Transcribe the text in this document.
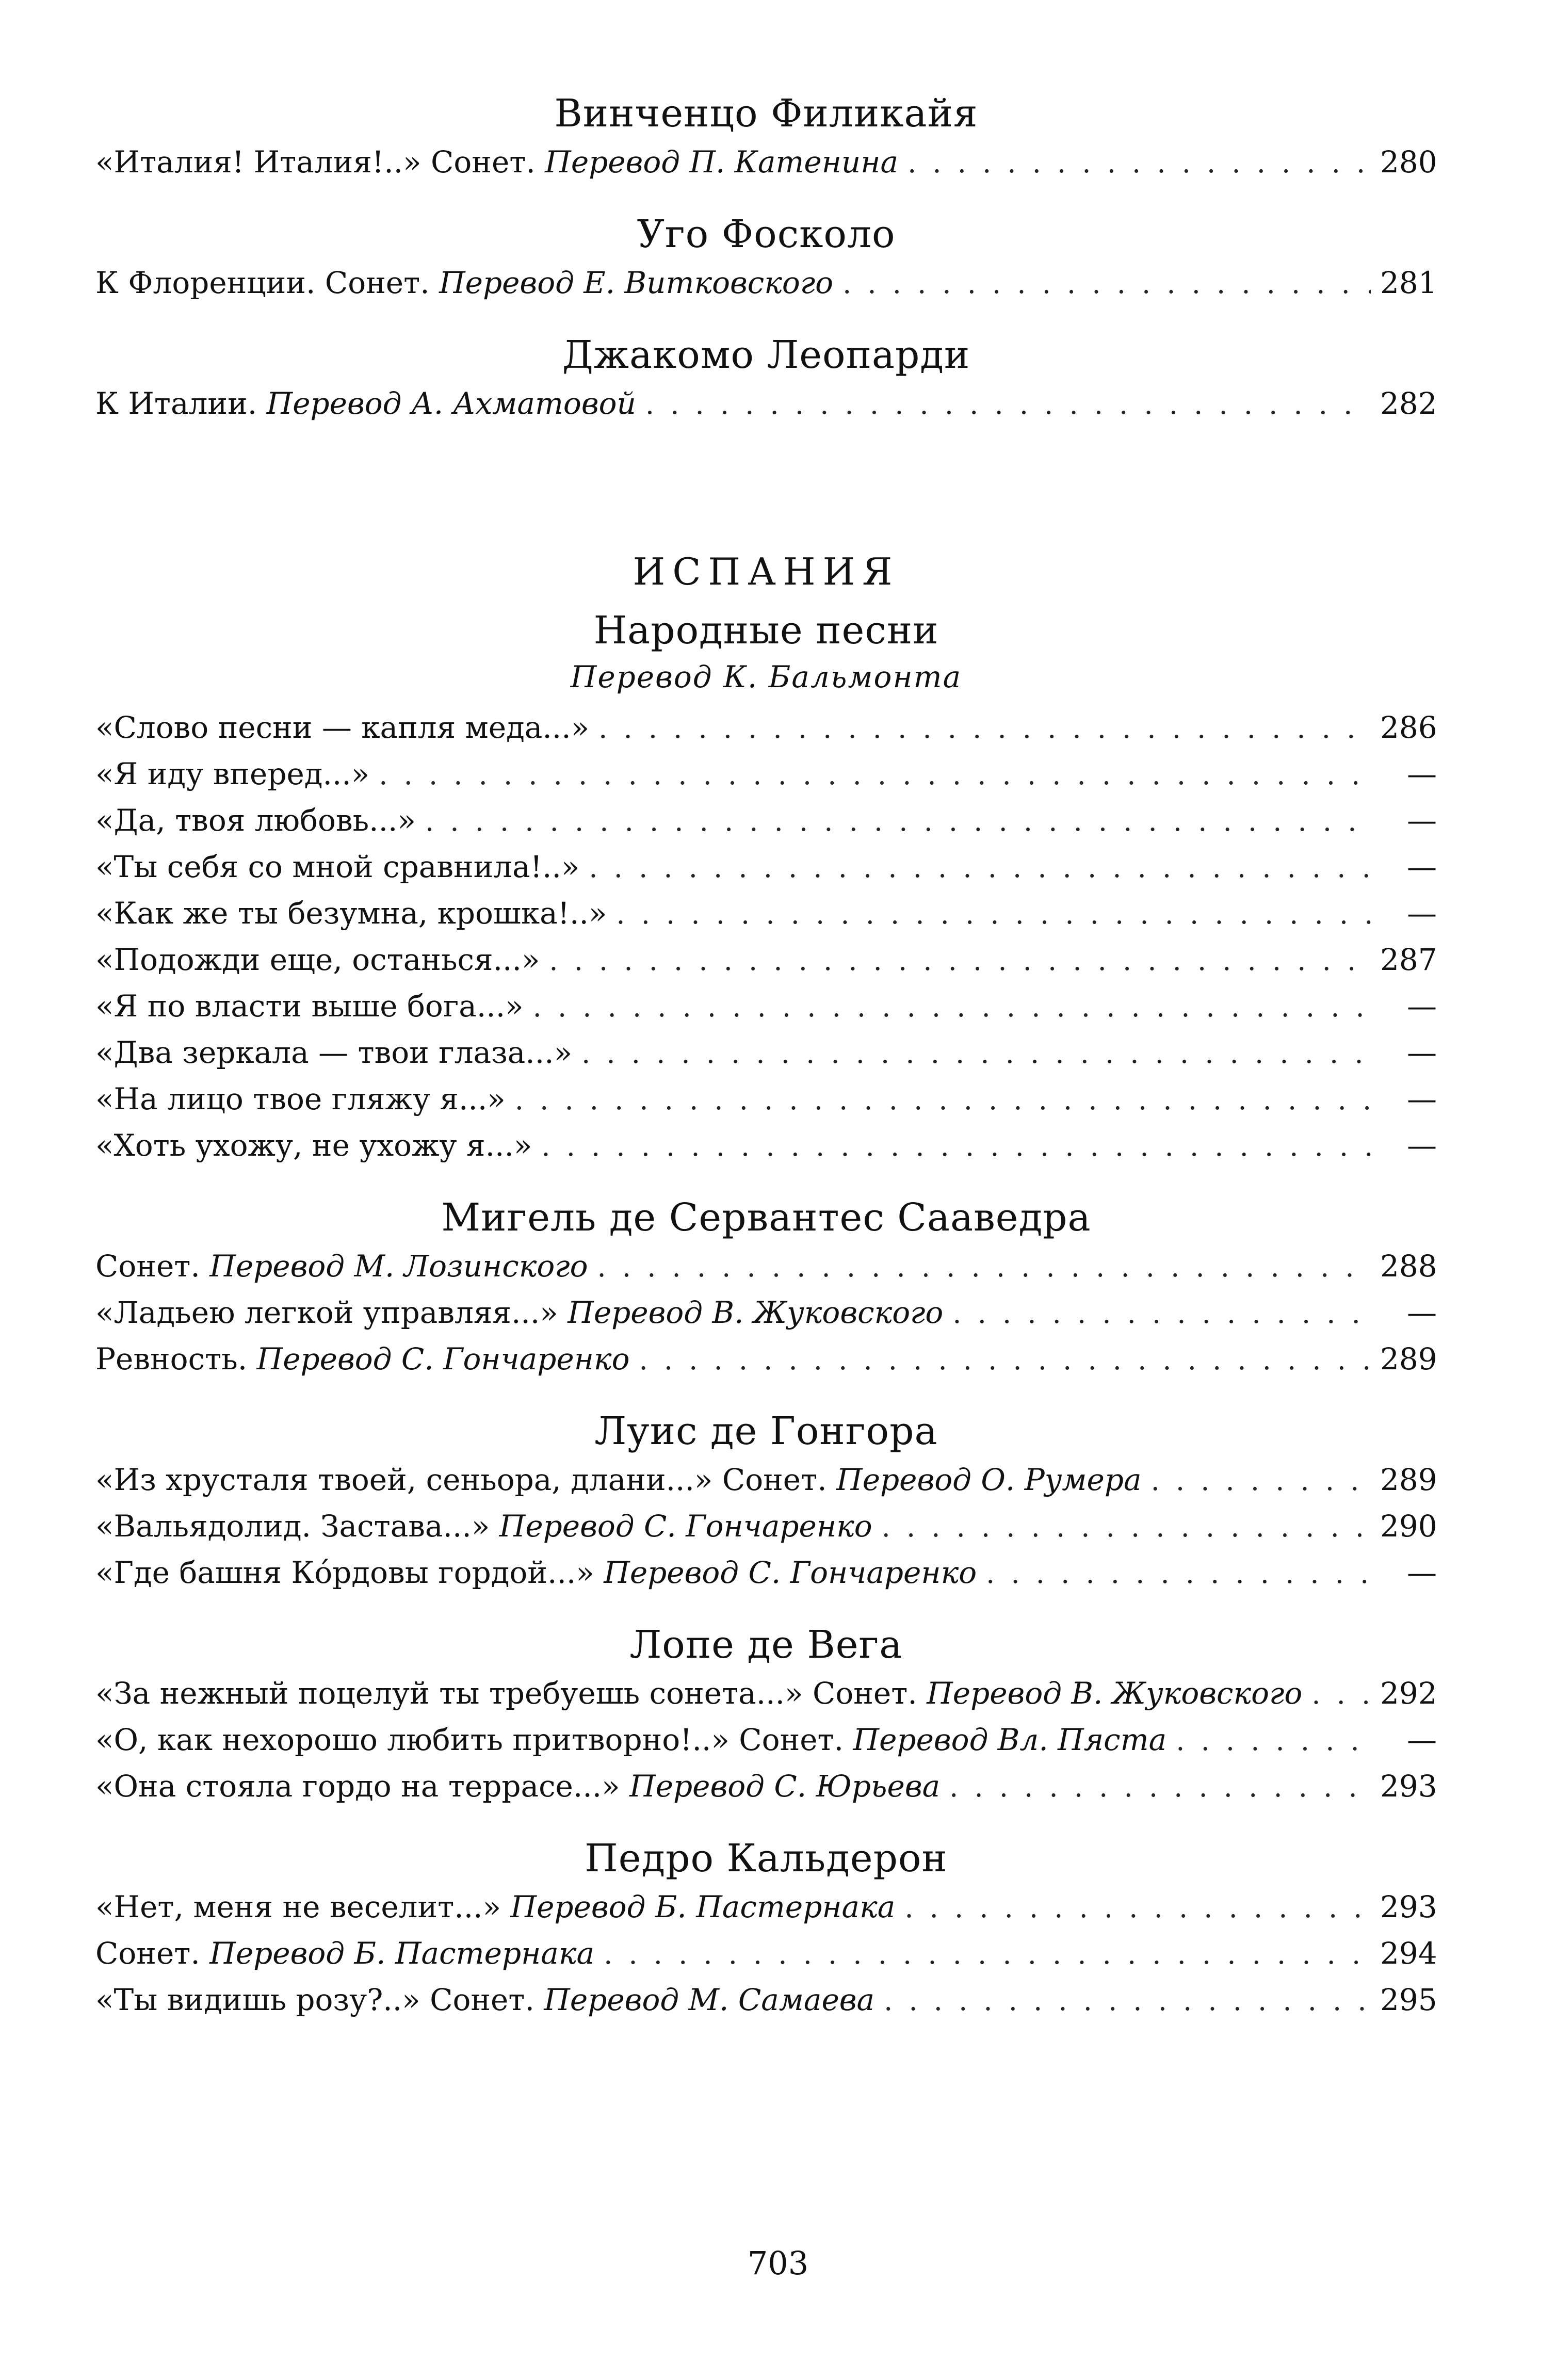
Винченцо Филикайя
«Италия! Италия!..» Сонет. Перевод П. Катенина . . .	280
Уго Фосколо
К Флоренции. Сонет. Перевод Е. Витковского . . .	281
Джакомо Леопарди
К Италии. Перевод А. Ахматовой . . .	282
ИСПАНИЯ
Народные песни
Перевод К. Бальмонта
«Слово песни — капля меда...» . . .	286
«Я иду вперед...» . . .	—
«Да, твоя любовь...» . . .	—
«Ты себя со мной сравнила!..» . . .	—
«Как же ты безумна, крошка!..» . . .	—
«Подожди еще, останься...» . . .	287
«Я по власти выше бога...» . . .	—
«Два зеркала — твои глаза...» . . .	—
«На лицо твое гляжу я...» . . .	—
«Хоть ухожу, не ухожу я...» . . .	—
Мигель де Сервантес Сааведра
Сонет. Перевод М. Лозинского . . .	288
«Ладьею легкой управляя...» Перевод В. Жуковского . . .	—
Ревность. Перевод С. Гончаренко . . .	289
Луис де Гонгора
«Из хрусталя твоей, сеньора, длани...» Сонет. Перевод О. Румера . . .	289
«Вальядолид. Застава...» Перевод С. Гончаренко . . .	290
«Где башня Ко́рдовы гордой...» Перевод С. Гончаренко . . .	—
Лопе де Вега
«За нежный поцелуй ты требуешь сонета...» Сонет. Перевод В. Жуковского . . .	292
«О, как нехорошо любить притворно!..» Сонет. Перевод Вл. Пяста . . .	—
«Она стояла гордо на террасе...» Перевод С. Юрьева . . .	293
Педро Кальдерон
«Нет, меня не веселит...» Перевод Б. Пастернака . . .	293
Сонет. Перевод Б. Пастернака . . .	294
«Ты видишь розу?..» Сонет. Перевод М. Самаева . . .	295
703
